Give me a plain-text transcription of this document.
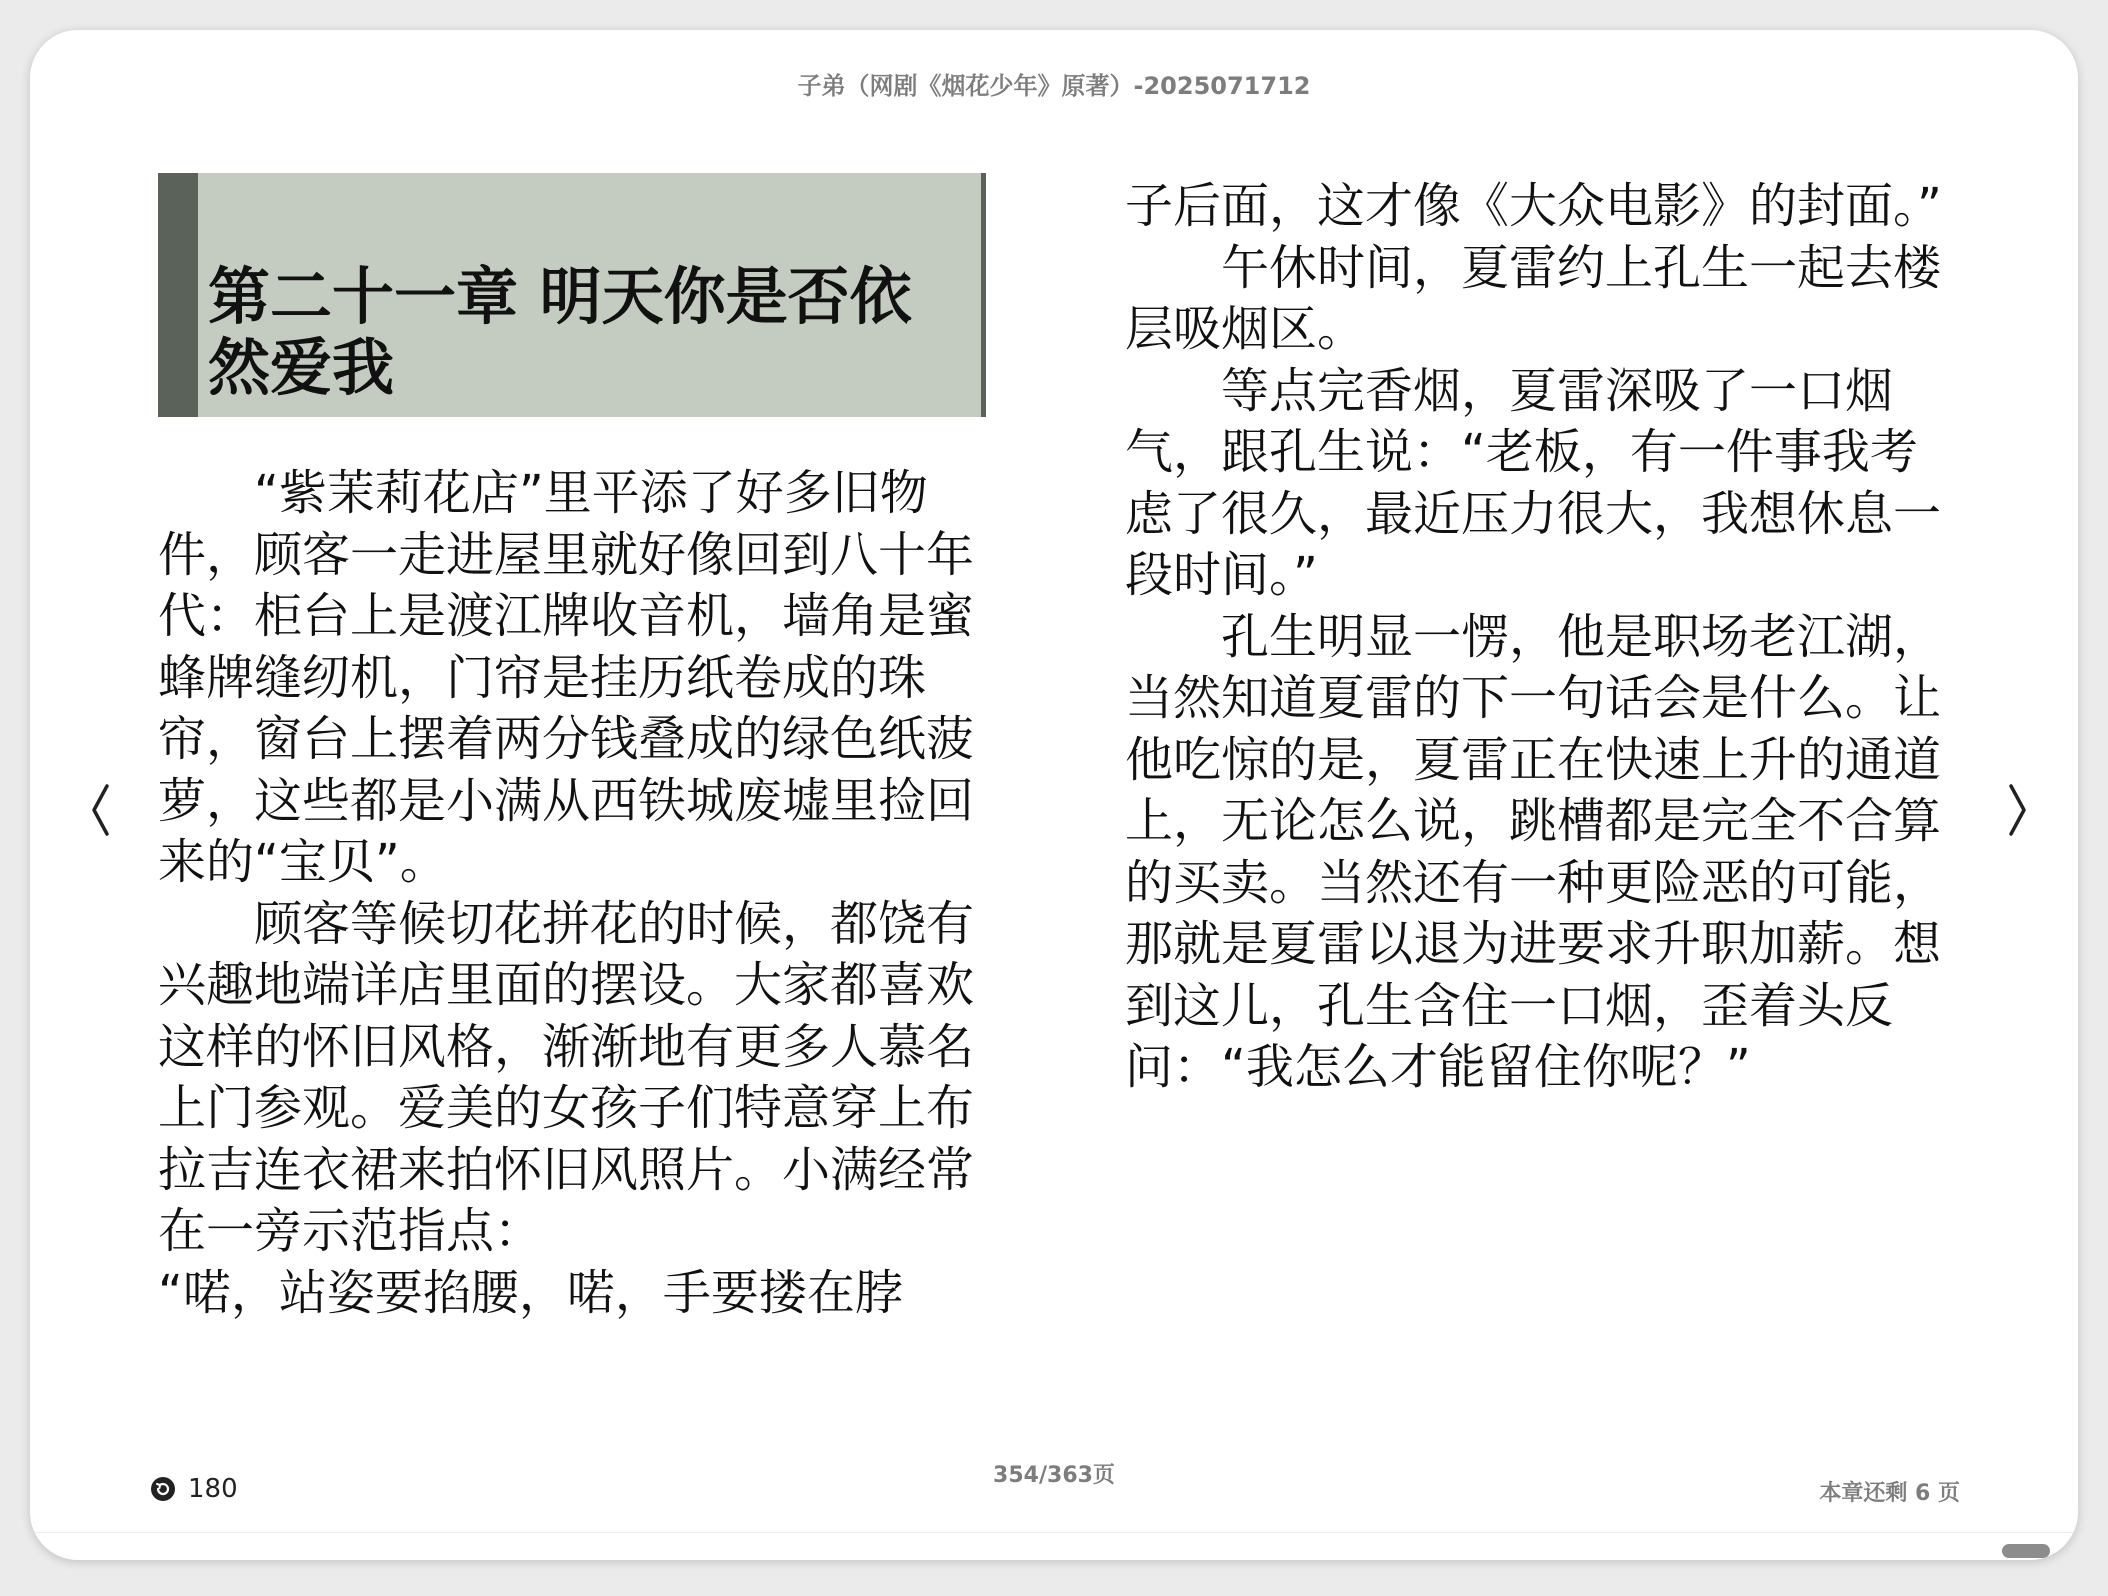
子弟（网剧《烟花少年》原著）-2025071712
第二十一章 明天你是否依然爱我

“紫茉莉花店”里平添了好多旧物件，顾客一走进屋里就好像回到八十年代：柜台上是渡江牌收音机，墙角是蜜蜂牌缝纫机，门帘是挂历纸卷成的珠帘，窗台上摆着两分钱叠成的绿色纸菠萝，这些都是小满从西铁城废墟里捡回来的“宝贝”。

顾客等候切花拼花的时候，都饶有兴趣地端详店里面的摆设。大家都喜欢这样的怀旧风格，渐渐地有更多人慕名上门参观。爱美的女孩子们特意穿上布拉吉连衣裙来拍怀旧风照片。小满经常在一旁示范指点：

“喏，站姿要掐腰，喏，手要搂在脖

子后面，这才像《大众电影》的封面。”

午休时间，夏雷约上孔生一起去楼层吸烟区。

等点完香烟，夏雷深吸了一口烟气，跟孔生说：“老板，有一件事我考虑了很久，最近压力很大，我想休息一段时间。”

孔生明显一愣，他是职场老江湖，当然知道夏雷的下一句话会是什么。让他吃惊的是，夏雷正在快速上升的通道上，无论怎么说，跳槽都是完全不合算的买卖。当然还有一种更险恶的可能，那就是夏雷以退为进要求升职加薪。想到这儿，孔生含住一口烟，歪着头反问：“我怎么才能留住你呢？”

180	354/363页
本章还剩 6 页
